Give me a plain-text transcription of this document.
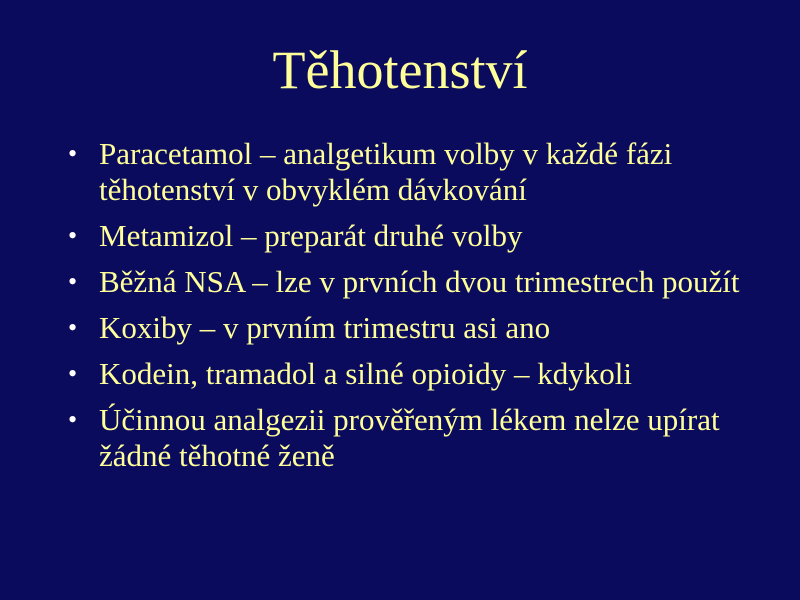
Těhotenství
• Paracetamol – analgetikum volby v každé fázi těhotenství v obvyklém dávkování
• Metamizol – preparát druhé volby
• Běžná NSA – lze v prvních dvou trimestrech použít
• Koxiby – v prvním trimestru asi ano
• Kodein, tramadol a silné opioidy – kdykoli
• Účinnou analgezii prověřeným lékem nelze upírat žádné těhotné ženě
